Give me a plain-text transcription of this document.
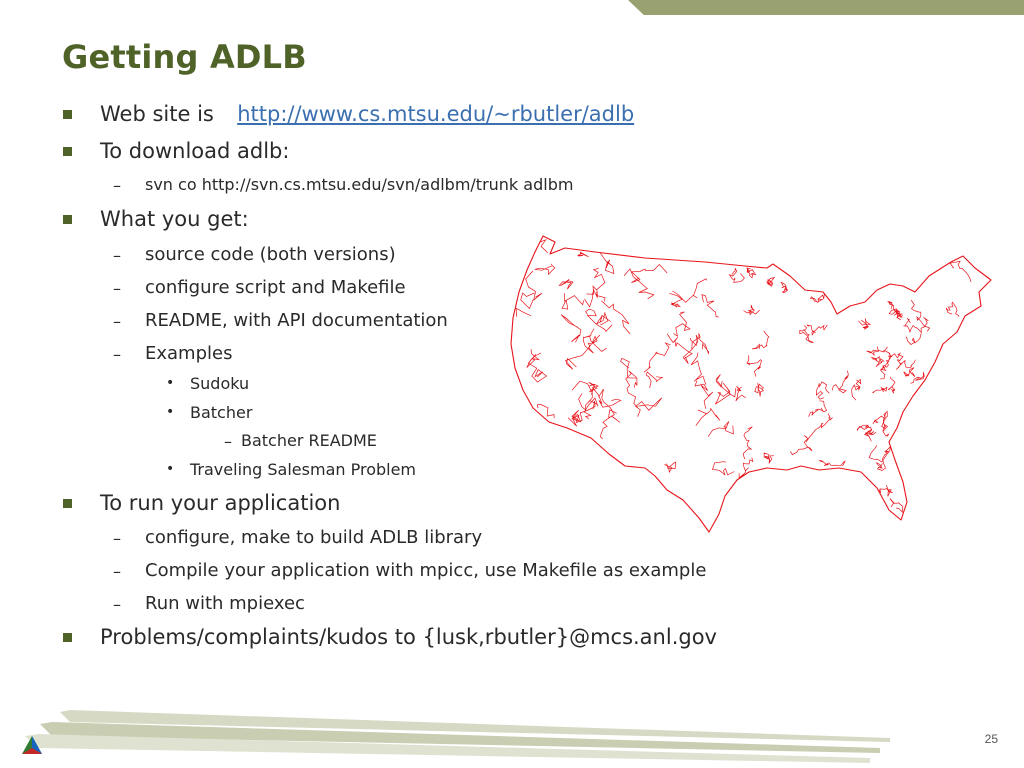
Getting ADLB
Web site is http://www.cs.mtsu.edu/~rbutler/adlb
To download adlb:
– svn co http://svn.cs.mtsu.edu/svn/adlbm/trunk adlbm
What you get:
– source code (both versions)
– configure script and Makefile
– README, with API documentation
– Examples
• Sudoku
• Batcher
– Batcher README
• Traveling Salesman Problem
To run your application
– configure, make to build ADLB library
– Compile your application with mpicc, use Makefile as example
– Run with mpiexec
Problems/complaints/kudos to {lusk,rbutler}@mcs.anl.gov
25
